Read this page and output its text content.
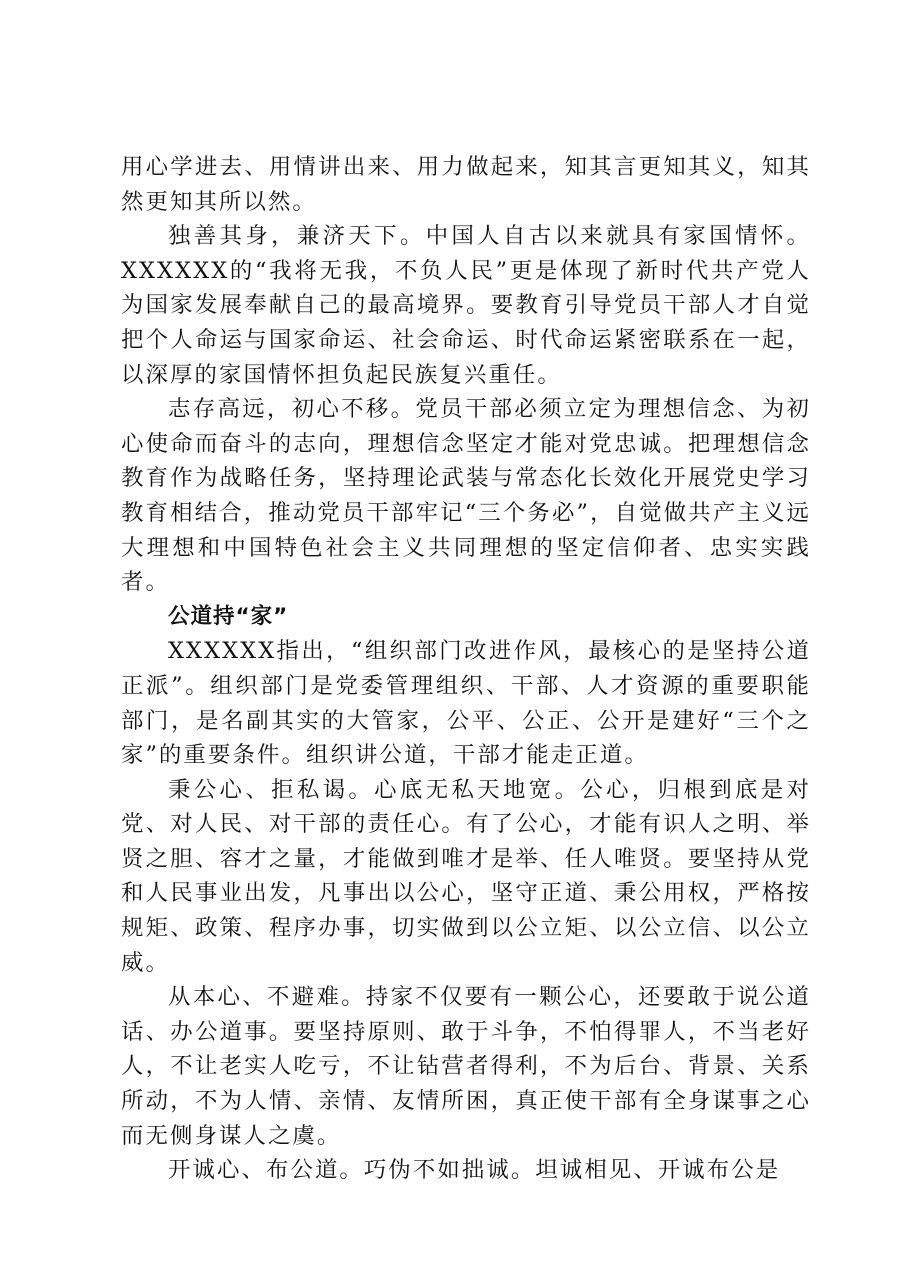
用心学进去、用情讲出来、用力做起来，知其言更知其义，知其然更知其所以然。

独善其身，兼济天下。中国人自古以来就具有家国情怀。XXXXXX的“我将无我，不负人民”更是体现了新时代共产党人为国家发展奉献自己的最高境界。要教育引导党员干部人才自觉把个人命运与国家命运、社会命运、时代命运紧密联系在一起，以深厚的家国情怀担负起民族复兴重任。

志存高远，初心不移。党员干部必须立定为理想信念、为初心使命而奋斗的志向，理想信念坚定才能对党忠诚。把理想信念教育作为战略任务，坚持理论武装与常态化长效化开展党史学习教育相结合，推动党员干部牢记“三个务必”，自觉做共产主义远大理想和中国特色社会主义共同理想的坚定信仰者、忠实实践者。

公道持“家”

XXXXXX指出，“组织部门改进作风，最核心的是坚持公道正派”。组织部门是党委管理组织、干部、人才资源的重要职能部门，是名副其实的大管家，公平、公正、公开是建好“三个之家”的重要条件。组织讲公道，干部才能走正道。

秉公心、拒私谒。心底无私天地宽。公心，归根到底是对党、对人民、对干部的责任心。有了公心，才能有识人之明、举贤之胆、容才之量，才能做到唯才是举、任人唯贤。要坚持从党和人民事业出发，凡事出以公心，坚守正道、秉公用权，严格按规矩、政策、程序办事，切实做到以公立矩、以公立信、以公立威。

从本心、不避难。持家不仅要有一颗公心，还要敢于说公道话、办公道事。要坚持原则、敢于斗争，不怕得罪人，不当老好人，不让老实人吃亏，不让钻营者得利，不为后台、背景、关系所动，不为人情、亲情、友情所困，真正使干部有全身谋事之心而无侧身谋人之虞。

开诚心、布公道。巧伪不如拙诚。坦诚相见、开诚布公是
